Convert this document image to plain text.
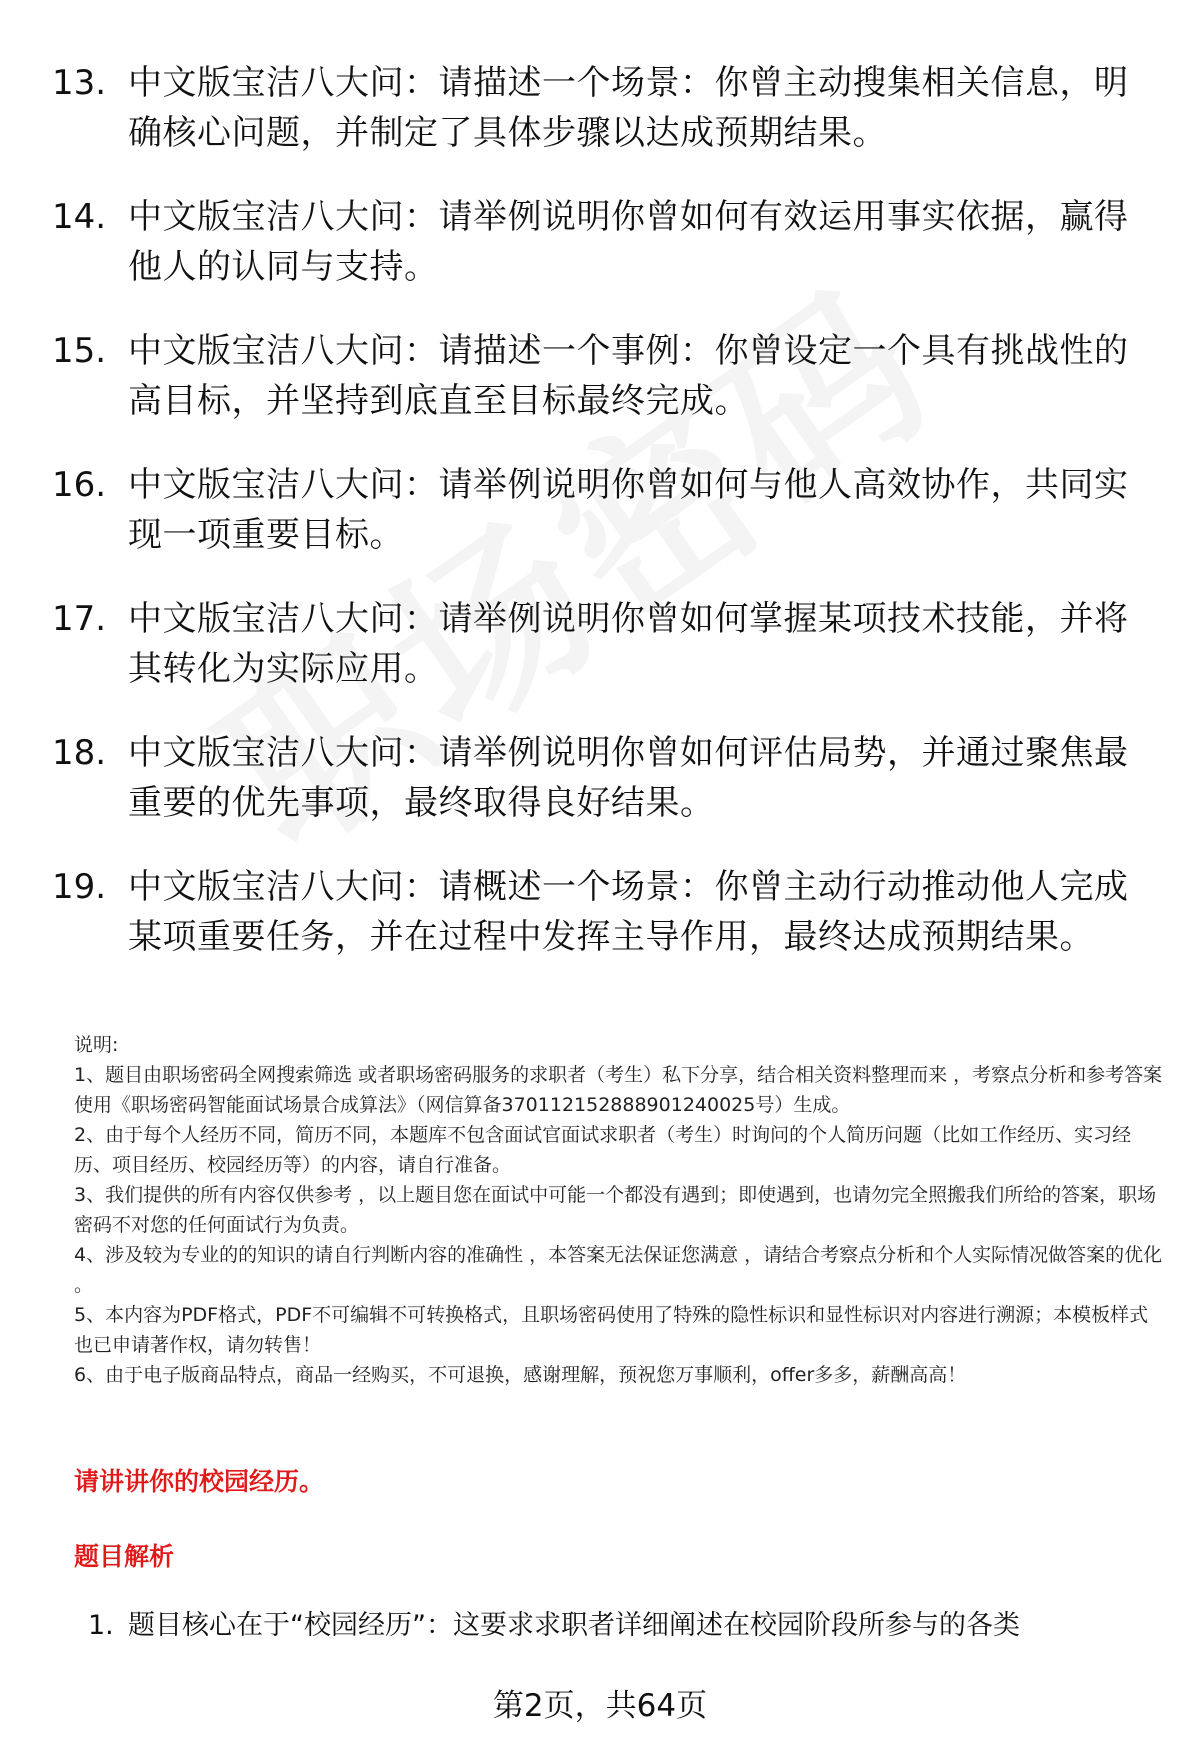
13. 中文版宝洁八大问：请描述一个场景：你曾主动搜集相关信息，明确核心问题，并制定了具体步骤以达成预期结果。
14. 中文版宝洁八大问：请举例说明你曾如何有效运用事实依据，赢得他人的认同与支持。
15. 中文版宝洁八大问：请描述一个事例：你曾设定一个具有挑战性的高目标，并坚持到底直至目标最终完成。
16. 中文版宝洁八大问：请举例说明你曾如何与他人高效协作，共同实现一项重要目标。
17. 中文版宝洁八大问：请举例说明你曾如何掌握某项技术技能，并将其转化为实际应用。
18. 中文版宝洁八大问：请举例说明你曾如何评估局势，并通过聚焦最重要的优先事项，最终取得良好结果。
19. 中文版宝洁八大问：请概述一个场景：你曾主动行动推动他人完成某项重要任务，并在过程中发挥主导作用，最终达成预期结果。

说明:

1、题目由职场密码全网搜索筛选 或者职场密码服务的求职者（考生）私下分享，结合相关资料整理而来 ，考察点分析和参考答案使用《职场密码智能面试场景合成算法》（网信算备370112152888901240025号）生成。

2、由于每个人经历不同，简历不同，本题库不包含面试官面试求职者（考生）时询问的个人简历问题（比如工作经历、实习经历、项目经历、校园经历等）的内容，请自行准备。

3、我们提供的所有内容仅供参考 ，以上题目您在面试中可能一个都没有遇到；即使遇到，也请勿完全照搬我们所给的答案，职场密码不对您的任何面试行为负责。

4、涉及较为专业的的知识的请自行判断内容的准确性 ，本答案无法保证您满意 ，请结合考察点分析和个人实际情况做答案的优化 。

5、本内容为PDF格式，PDF不可编辑不可转换格式，且职场密码使用了特殊的隐性标识和显性标识对内容进行溯源；本模板样式也已申请著作权，请勿转售！

6、由于电子版商品特点，商品一经购买，不可退换，感谢理解，预祝您万事顺利，offer多多，薪酬高高！

请讲讲你的校园经历。
题目解析
1. 题目核心在于“校园经历”：这要求求职者详细阐述在校园阶段所参与的各类
第2页，共64页
